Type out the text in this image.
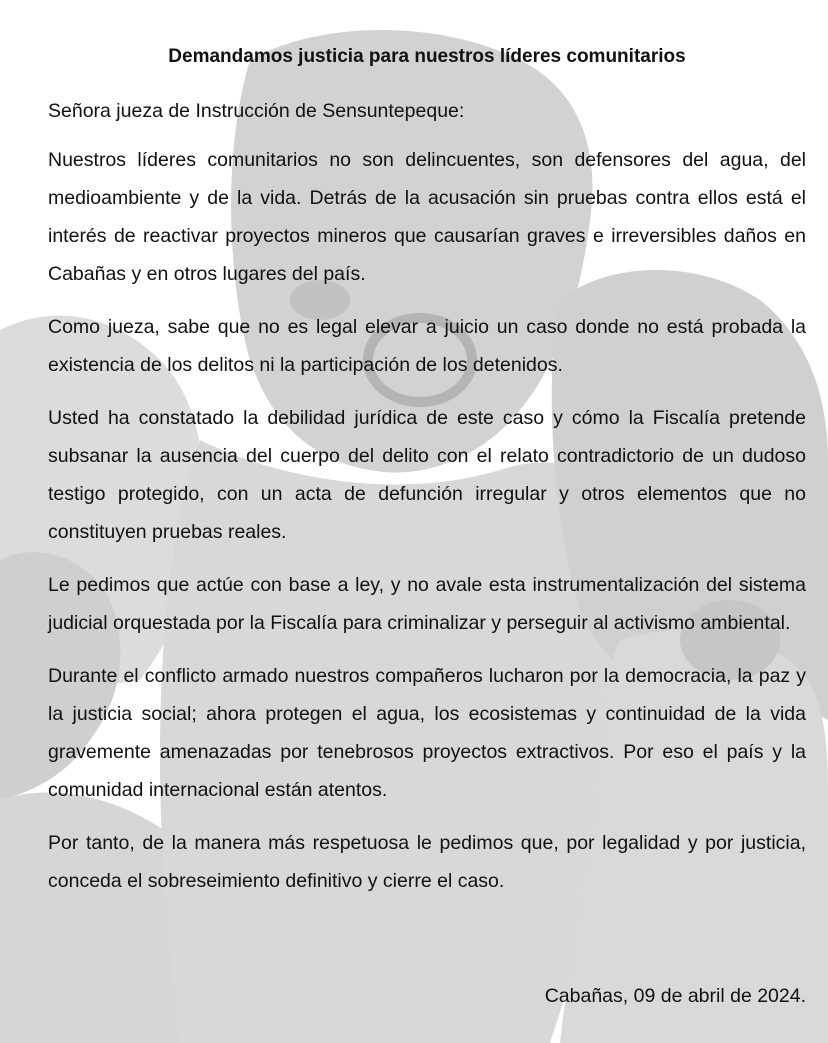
Demandamos justicia para nuestros líderes comunitarios

Señora jueza de Instrucción de Sensuntepeque:

Nuestros líderes comunitarios no son delincuentes, son defensores del agua, del medioambiente y de la vida. Detrás de la acusación sin pruebas contra ellos está el interés de reactivar proyectos mineros que causarían graves e irreversibles daños en Cabañas y en otros lugares del país.

Como jueza, sabe que no es legal elevar a juicio un caso donde no está probada la existencia de los delitos ni la participación de los detenidos.

Usted ha constatado la debilidad jurídica de este caso y cómo la Fiscalía pretende subsanar la ausencia del cuerpo del delito con el relato contradictorio de un dudoso testigo protegido, con un acta de defunción irregular y otros elementos que no constituyen pruebas reales.

Le pedimos que actúe con base a ley, y no avale esta instrumentalización del sistema judicial orquestada por la Fiscalía para criminalizar y perseguir al activismo ambiental.

Durante el conflicto armado nuestros compañeros lucharon por la democracia, la paz y la justicia social; ahora protegen el agua, los ecosistemas y continuidad de la vida gravemente amenazadas por tenebrosos proyectos extractivos. Por eso el país y la comunidad internacional están atentos.

Por tanto, de la manera más respetuosa le pedimos que, por legalidad y por justicia, conceda el sobreseimiento definitivo y cierre el caso.

Cabañas, 09 de abril de 2024.
